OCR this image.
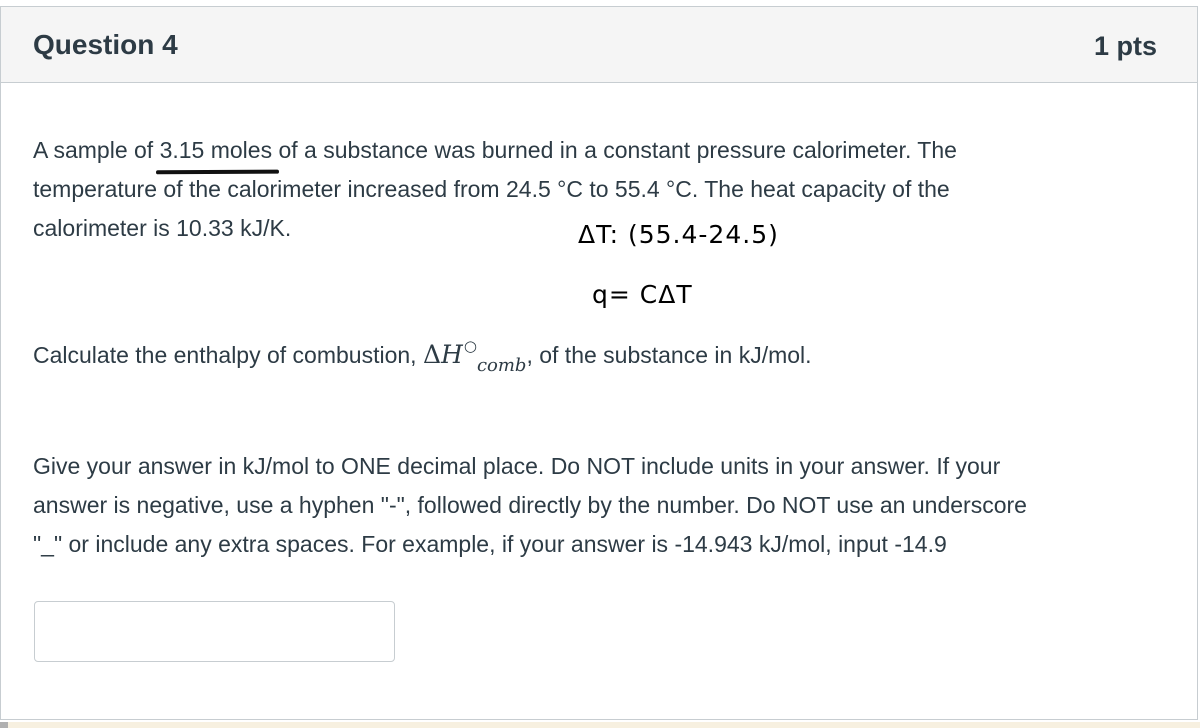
Question 4	1 pts
A sample of 3.15 moles of a substance was burned in a constant pressure calorimeter. The
temperature of the calorimeter increased from 24.5 °C to 55.4 °C. The heat capacity of the
calorimeter is 10.33 kJ/K.	ΔT: (55.4-24.5)
q= CΔT
Calculate the enthalpy of combustion, $\Delta H^○_{comb}$, of the substance in kJ/mol.
Give your answer in kJ/mol to ONE decimal place. Do NOT include units in your answer. If your
answer is negative, use a hyphen "-", followed directly by the number. Do NOT use an underscore
"_" or include any extra spaces. For example, if your answer is -14.943 kJ/mol, input -14.9
